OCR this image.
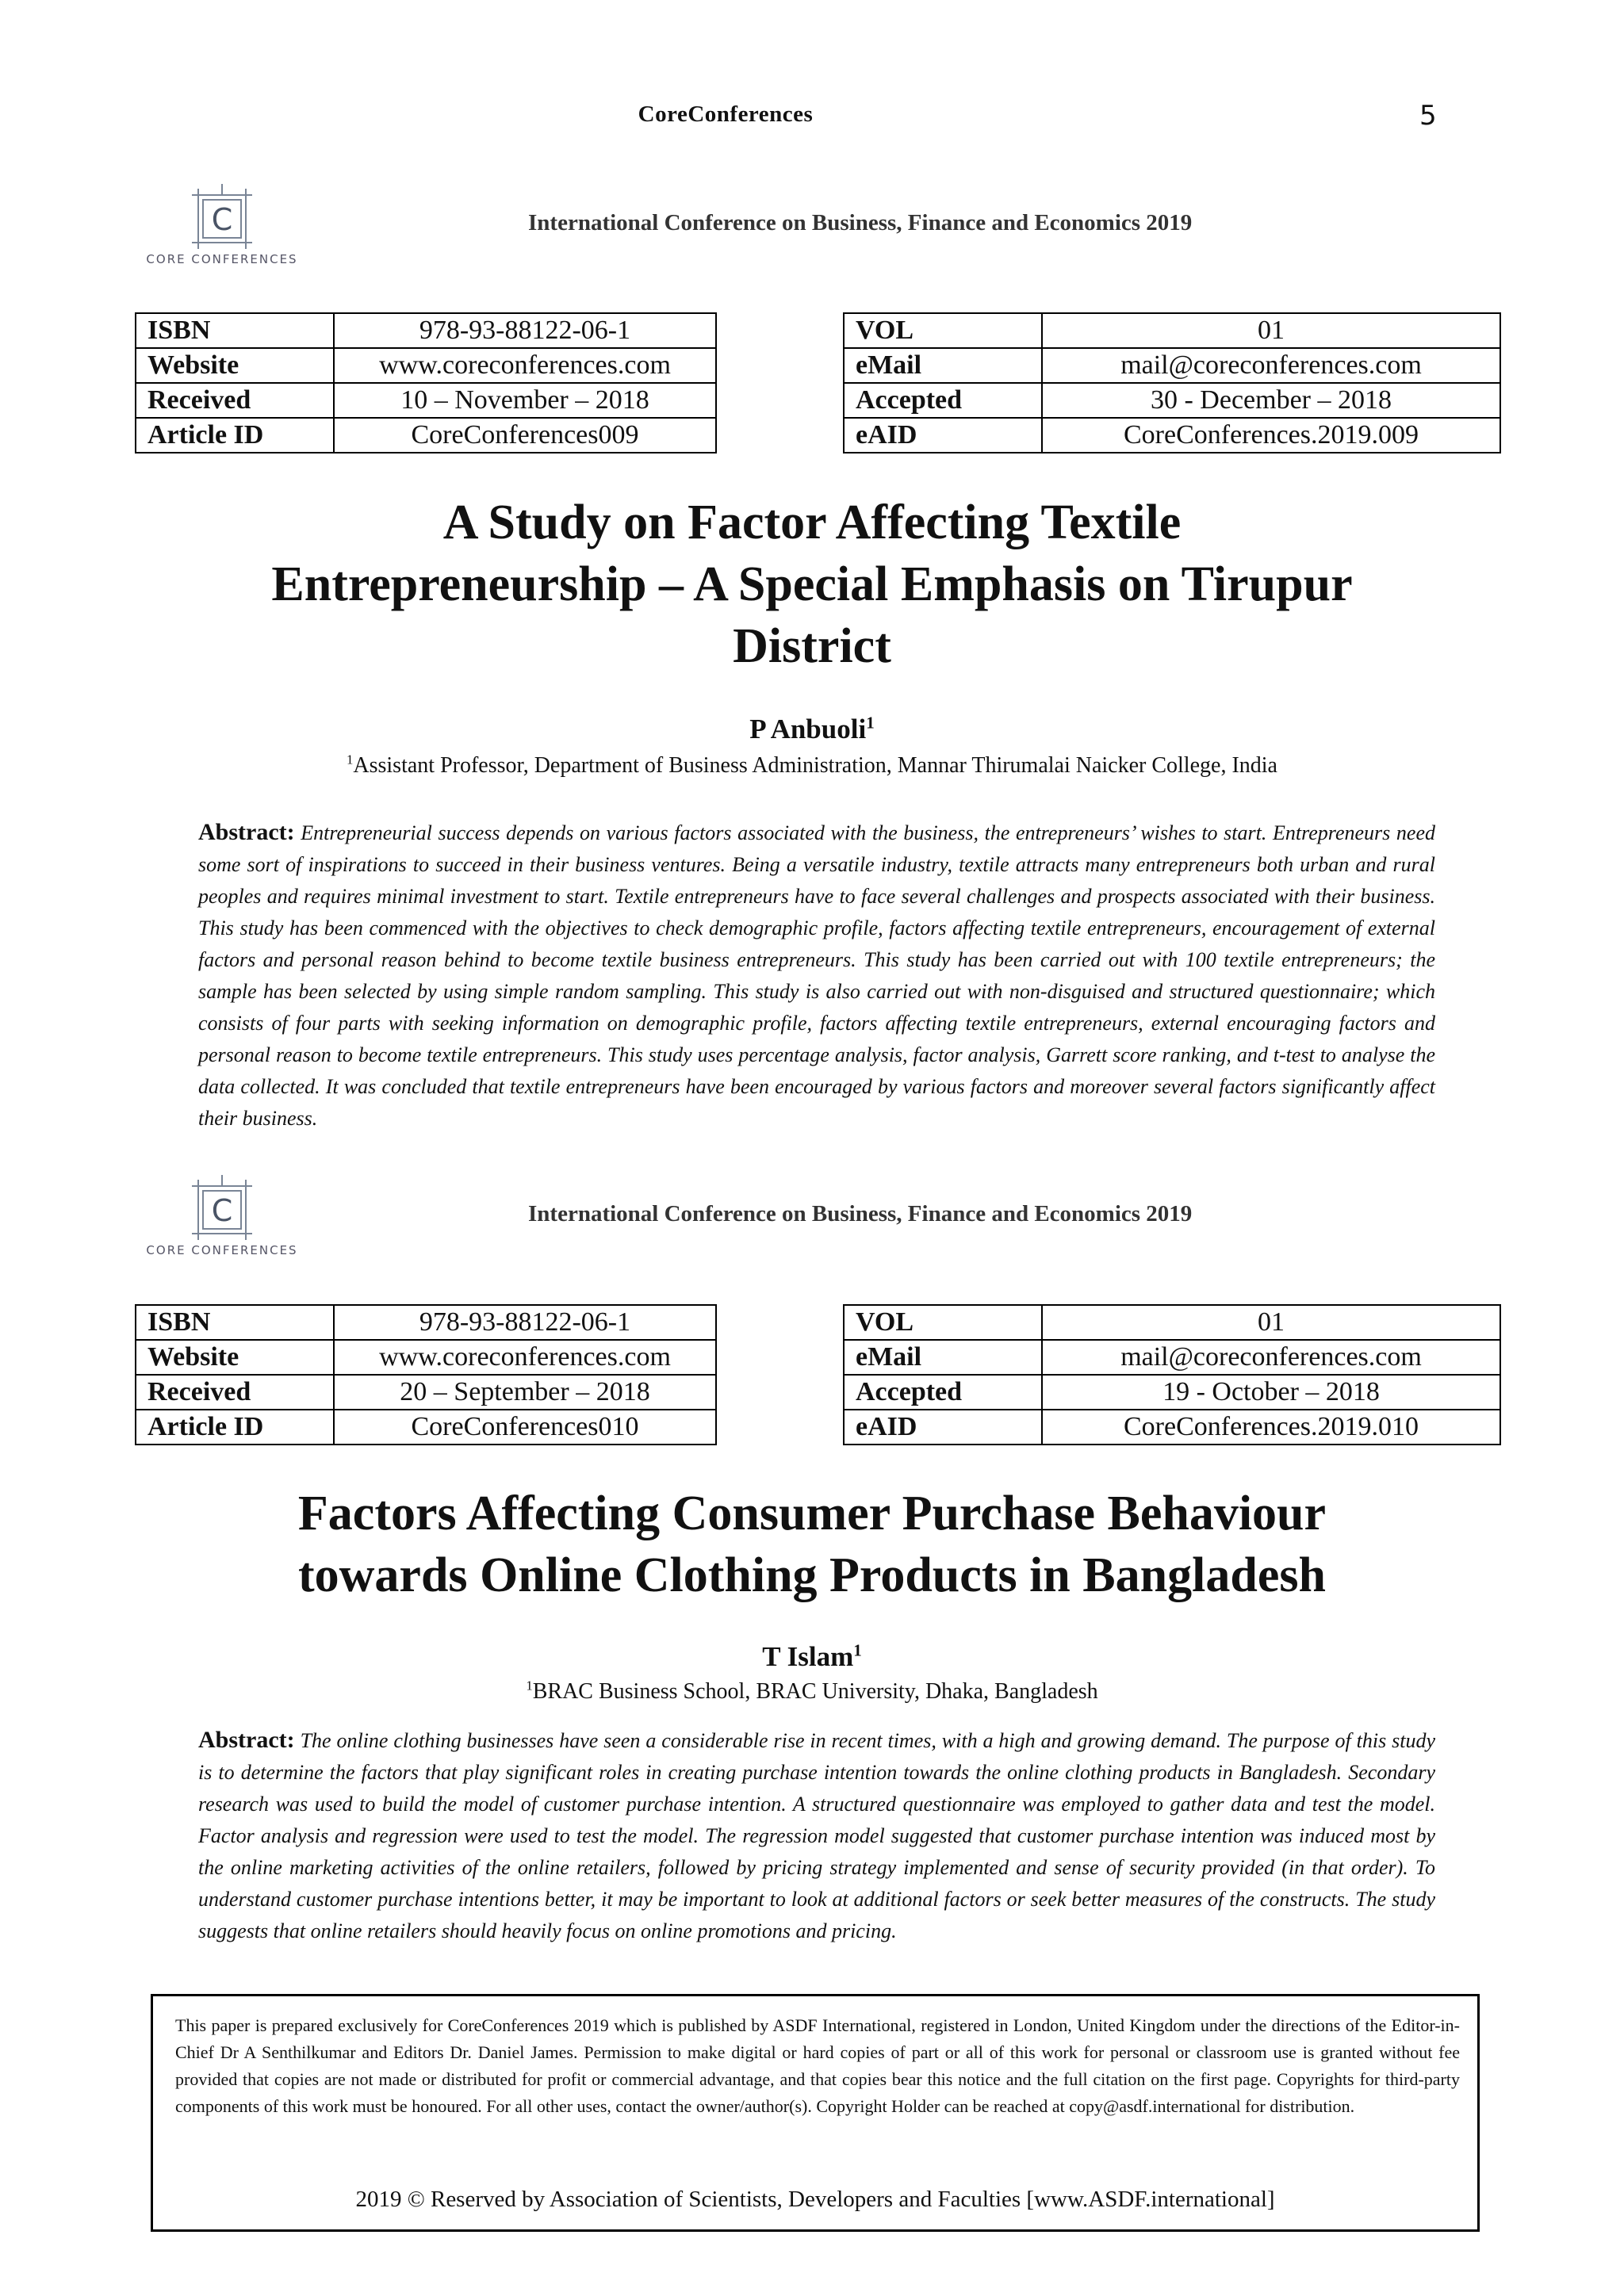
CoreConferences	5
C
CORE CONFERENCES
International Conference on Business, Finance and Economics 2019
ISBN	978-93-88122-06-1
Website	www.coreconferences.com
Received	10 – November – 2018
Article ID	CoreConferences009
VOL	01
eMail	mail@coreconferences.com
Accepted	30 - December – 2018
eAID	CoreConferences.2019.009
A Study on Factor Affecting Textile
Entrepreneurship – A Special Emphasis on Tirupur
District
P Anbuoli$^1$
$^1$Assistant Professor, Department of Business Administration, Mannar Thirumalai Naicker College, India
Abstract: Entrepreneurial success depends on various factors associated with the business, the entrepreneurs’ wishes to start. Entrepreneurs need some sort of inspirations to succeed in their business ventures. Being a versatile industry, textile attracts many entrepreneurs both urban and rural peoples and requires minimal investment to start. Textile entrepreneurs have to face several challenges and prospects associated with their business. This study has been commenced with the objectives to check demographic profile, factors affecting textile entrepreneurs, encouragement of external factors and personal reason behind to become textile business entrepreneurs. This study has been carried out with 100 textile entrepreneurs; the sample has been selected by using simple random sampling. This study is also carried out with non-disguised and structured questionnaire; which consists of four parts with seeking information on demographic profile, factors affecting textile entrepreneurs, external encouraging factors and personal reason to become textile entrepreneurs. This study uses percentage analysis, factor analysis, Garrett score ranking, and t-test to analyse the data collected. It was concluded that textile entrepreneurs have been encouraged by various factors and moreover several factors significantly affect their business.
C
CORE CONFERENCES
International Conference on Business, Finance and Economics 2019
ISBN	978-93-88122-06-1
Website	www.coreconferences.com
Received	20 – September – 2018
Article ID	CoreConferences010
VOL	01
eMail	mail@coreconferences.com
Accepted	19 - October – 2018
eAID	CoreConferences.2019.010
Factors Affecting Consumer Purchase Behaviour
towards Online Clothing Products in Bangladesh
T Islam$^1$
$^1$BRAC Business School, BRAC University, Dhaka, Bangladesh
Abstract: The online clothing businesses have seen a considerable rise in recent times, with a high and growing demand. The purpose of this study is to determine the factors that play significant roles in creating purchase intention towards the online clothing products in Bangladesh. Secondary research was used to build the model of customer purchase intention. A structured questionnaire was employed to gather data and test the model. Factor analysis and regression were used to test the model. The regression model suggested that customer purchase intention was induced most by the online marketing activities of the online retailers, followed by pricing strategy implemented and sense of security provided (in that order). To understand customer purchase intentions better, it may be important to look at additional factors or seek better measures of the constructs. The study suggests that online retailers should heavily focus on online promotions and pricing.
This paper is prepared exclusively for CoreConferences 2019 which is published by ASDF International, registered in London, United Kingdom under the directions of the Editor-in-Chief Dr A Senthilkumar and Editors Dr. Daniel James. Permission to make digital or hard copies of part or all of this work for personal or classroom use is granted without fee provided that copies are not made or distributed for profit or commercial advantage, and that copies bear this notice and the full citation on the first page. Copyrights for third-party components of this work must be honoured. For all other uses, contact the owner/author(s). Copyright Holder can be reached at copy@asdf.international for distribution.
2019 © Reserved by Association of Scientists, Developers and Faculties [www.ASDF.international]
